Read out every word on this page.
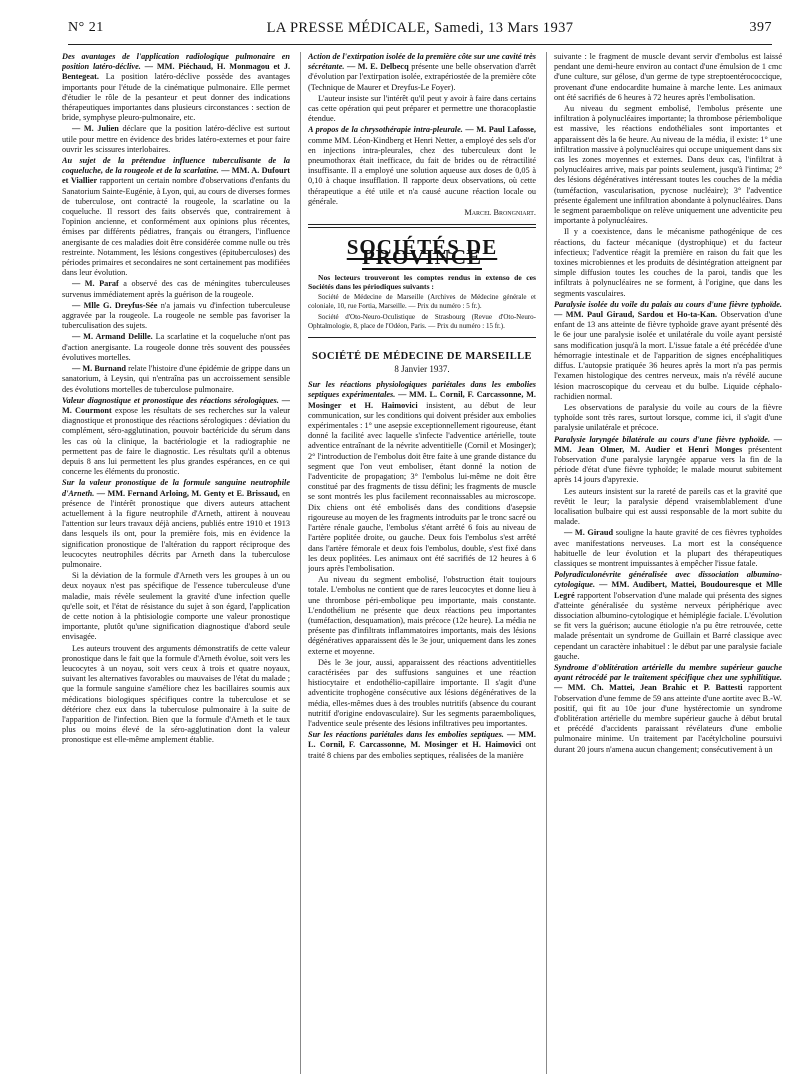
N° 21	LA PRESSE MÉDICALE, Samedi, 13 Mars 1937	397

Des avantages de l'application radiologique pulmonaire en position latéro-déclive. — MM. Piéchaud, H. Monmagou et J. Bentegeat. La position latéro-déclive possède des avantages importants pour l'étude de la cinématique pulmonaire. Elle permet d'étudier le rôle de la pesanteur et peut donner des indications thérapeutiques importantes dans plusieurs circonstances : section de bride, symphyse pleuro-pulmonaire, etc.

— M. Julien déclare que la position latéro-déclive est surtout utile pour mettre en évidence des brides latéro-externes et pour faire ouvrir les scissures interlobaires.

Au sujet de la prétendue influence tuberculisante de la coqueluche, de la rougeole et de la scarlatine. — MM. A. Dufourt et Viallier rapportent un certain nombre d'observations d'enfants du Sanatorium Sainte-Eugénie, à Lyon, qui, au cours de diverses formes de tuberculose, ont contracté la rougeole, la scarlatine ou la coqueluche. Il ressort des faits observés que, contrairement à l'opinion ancienne, et conformément aux opinions plus récentes, émises par différents pédiatres, français ou étrangers, l'influence anergisante de ces maladies doit être considérée comme nulle ou très restreinte. Notamment, les lésions congestives (épituberculoses) des périodes primaires et secondaires ne sont certainement pas modifiées dans leur évolution.

— M. Paraf a observé des cas de méningites tuberculeuses survenus immédiatement après la guérison de la rougeole.

— Mlle G. Dreyfus-Sée n'a jamais vu d'infection tuberculeuse aggravée par la rougeole. La rougeole ne semble pas favoriser la tuberculisation des sujets.

— M. Armand Delille. La scarlatine et la coqueluche n'ont pas d'action anergisante. La rougeole donne très souvent des poussées évolutives mortelles.

— M. Burnand relate l'histoire d'une épidémie de grippe dans un sanatorium, à Leysin, qui n'entraîna pas un accroissement sensible des évolutions mortelles de tuberculose pulmonaire.

Valeur diagnostique et pronostique des réactions sérologiques. — M. Courmont expose les résultats de ses recherches sur la valeur diagnostique et pronostique des réactions sérologiques : déviation du complément, séro-agglutination, pouvoir bactéricide du sérum dans les cas où la clinique, la bactériologie et la radiographie ne permettent pas de faire le diagnostic. Les résultats qu'il a obtenus depuis 8 ans lui permettent les plus grandes espérances, en ce qui concerne les éléments du pronostic.

Sur la valeur pronostique de la formule sanguine neutrophile d'Arneth. — MM. Fernand Arloing, M. Genty et E. Brissaud, en présence de l'intérêt pronostique que divers auteurs attachent actuellement à la figure neutrophile d'Arneth, attirent à nouveau l'attention sur leurs travaux déjà anciens, publiés entre 1910 et 1913 dans lesquels ils ont, pour la première fois, mis en évidence la signification pronostique de l'altération du rapport réciproque des leucocytes neutrophiles décrits par Arneth dans la tuberculose pulmonaire.

Si la déviation de la formule d'Arneth vers les groupes à un ou deux noyaux n'est pas spécifique de l'essence tuberculeuse d'une maladie, mais révèle seulement la gravité d'une infection quelle qu'elle soit, et l'état de résistance du sujet à son égard, l'application de cette notion à la phtisiologie comporte une valeur pronostique importante, plutôt qu'une signification diagnostique d'abord seule envisagée.

Les auteurs trouvent des arguments démonstratifs de cette valeur pronostique dans le fait que la formule d'Arneth évolue, soit vers les leucocytes à un noyau, soit vers ceux à trois et quatre noyaux, suivant les alternatives favorables ou mauvaises de l'état du malade ; que la formule sanguine s'améliore chez les bacillaires soumis aux médications biologiques spécifiques contre la tuberculose et se détériore chez eux dans la tuberculose pulmonaire à la suite de l'apparition de l'infection. Bien que la formule d'Arneth et le taux plus ou moins élevé de la séro-agglutination dont la valeur pronostique est elle-même amplement établie.

Action de l'extirpation isolée de la première côte sur une cavité très sécrétante. — M. E. Delbecq présente une belle observation d'arrêt d'évolution par l'extirpation isolée, extrapériostée de la première côte (Technique de Maurer et Dreyfus-Le Foyer).

L'auteur insiste sur l'intérêt qu'il peut y avoir à faire dans certains cas cette opération qui peut préparer et permettre une thoracoplastie étendue.

A propos de la chrysothérapie intra-pleurale. — M. Paul Lafosse, comme MM. Léon-Kindberg et Henri Netter, a employé des sels d'or en injections intra-pleurales, chez des tuberculeux dont le pneumothorax était inefficace, du fait de brides ou de rétractilité insuffisante. Il a employé une solution aqueuse aux doses de 0,05 à 0,10 à chaque insufflation. Il rapporte deux observations, où cette thérapeutique a été utile et n'a causé aucune réaction locale ou générale.

Marcel Brongniart.

SOCIÉTÉS DE PROVINCE

Nos lecteurs trouveront les comptes rendus in extenso de ces Sociétés dans les périodiques suivants :

Société de Médecine de Marseille (Archives de Médecine générale et coloniale, 10, rue Fortia, Marseille. — Prix du numéro : 5 fr.).

Société d'Oto-Neuro-Oculistique de Strasbourg (Revue d'Oto-Neuro-Ophtalmologie, 8, place de l'Odéon, Paris. — Prix du numéro : 15 fr.).

SOCIÉTÉ DE MÉDECINE DE MARSEILLE

8 Janvier 1937.

Sur les réactions physiologiques pariétales dans les embolies septiques expérimentales. — MM. L. Cornil, F. Carcassonne, M. Mosinger et H. Haimovici insistent, au début de leur communication, sur les conditions qui doivent présider aux embolies expérimentales : 1° une asepsie exceptionnellement rigoureuse, étant donné la facilité avec laquelle s'infecte l'adventice artérielle, toute adventice entraînant de la névrite adventitielle (Cornil et Mosinger); 2° l'introduction de l'embolus doit être faite à une grande distance du segment que l'on veut emboliser, étant donné la notion de l'adventicite de propagation; 3° l'embolus lui-même ne doit être constitué par des fragments de tissu défini; les fragments de muscle se sont montrés les plus facilement reconnaissables au microscope. Dix chiens ont été embolisés dans des conditions d'asepsie rigoureuse au moyen de les fragments introduits par le tronc sacré ou l'artère rénale gauche, l'embolus s'étant arrêté 6 fois au niveau de l'artère poplitée droite, ou gauche. Deux fois l'embolus s'est arrêté dans l'artère fémorale et deux fois l'embolus, double, s'est fixé dans les deux poplitées. Les animaux ont été sacrifiés de 12 heures à 6 jours après l'embolisation.

Au niveau du segment embolisé, l'obstruction était toujours totale. L'embolus ne contient que de rares leucocytes et donne lieu à une thrombose péri-embolique peu importante, mais constante. L'endothélium ne présente que deux réactions peu importantes (tuméfaction, desquamation), mais précoce (12e heure). La média ne présente pas d'infiltrats inflammatoires importants, mais des lésions dégénératives apparaissent dès le 3e jour, uniquement dans les zones externe et moyenne.

Dès le 3e jour, aussi, apparaissent des réactions adventitielles caractérisées par des suffusions sanguines et une réaction histiocytaire et endothélio-capillaire importante. Il s'agit d'une adventicite trophogène consécutive aux lésions dégénératives de la média, elles-mêmes dues à des troubles nutritifs (absence du courant nutritif d'origine endovasculaire). Sur les segments paraemboliques, l'adventice seule présente des lésions infiltratives peu importantes.

Sur les réactions pariétales dans les embolies septiques. — MM. L. Cornil, F. Carcassonne, M. Mosinger et H. Haimovici ont traité 8 chiens par des embolies septiques, réalisées de la manière

suivante : le fragment de muscle devant servir d'embolus est laissé pendant une demi-heure environ au contact d'une émulsion de 1 cmc d'une culture, sur gélose, d'un germe de type streptoentérococcique, provenant d'une endocardite humaine à marche lente. Les animaux ont été sacrifiés de 6 heures à 72 heures après l'embolisation.

Au niveau du segment embolisé, l'embolus présente une infiltration à polynucléaires importante; la thrombose périembolique est massive, les réactions endothéliales sont importantes et apparaissent dès la 6e heure. Au niveau de la média, il existe: 1° une infiltration massive à polynucléaires qui occupe uniquement dans six cas les zones moyennes et externes. Dans deux cas, l'infiltrat à polynucléaires arrive, mais par points seulement, jusqu'à l'intima; 2° des lésions dégénératives intéressant toutes les couches de la média (tuméfaction, vascularisation, pycnose nucléaire); 3° l'adventice présente également une infiltration abondante à polynucléaires. Dans le segment paraembolique on relève uniquement une adventicite peu importante à polynucléaires.

Il y a coexistence, dans le mécanisme pathogénique de ces réactions, du facteur mécanique (dystrophique) et du facteur infectieux; l'adventice réagit la première en raison du fait que les toxines microbiennes et les produits de désintégration atteignent par simple diffusion toutes les couches de la paroi, tandis que les infiltrats à polynucléaires ne se forment, à l'origine, que dans les segments vasculaires.

Paralysie isolée du voile du palais au cours d'une fièvre typhoïde. — MM. Paul Giraud, Sardou et Ho-ta-Kan. Observation d'une enfant de 13 ans atteinte de fièvre typhoïde grave ayant présenté dès le 6e jour une paralysie isolée et unilatérale du voile ayant persisté sans modification jusqu'à la mort. L'issue fatale a été précédée d'une hémorragie intestinale et de l'apparition de signes encéphalitiques diffus. L'autopsie pratiquée 36 heures après la mort n'a pas permis l'examen histologique des centres nerveux, mais n'a révélé aucune lésion macroscopique du cerveau et du bulbe. Liquide céphalo-rachidien normal.

Les observations de paralysie du voile au cours de la fièvre typhoïde sont très rares, surtout lorsque, comme ici, il s'agit d'une paralysie unilatérale et précoce.

Paralysie laryngée bilatérale au cours d'une fièvre typhoïde. — MM. Jean Olmer, M. Audier et Henri Monges présentent l'observation d'une paralysie laryngée apparue vers la fin de la période d'état d'une fièvre typhoïde; le malade mourut subitement après 14 jours d'apyrexie.

Les auteurs insistent sur la rareté de pareils cas et la gravité que revêtit le leur; la paralysie dépend vraisemblablement d'une localisation bulbaire qui est aussi responsable de la mort subite du malade.

— M. Giraud souligne la haute gravité de ces fièvres typhoïdes avec manifestations nerveuses. La mort est la conséquence habituelle de leur évolution et la plupart des thérapeutiques classiques se montrent impuissantes à empêcher l'issue fatale.

Polyradiculonévrite généralisée avec dissociation albumino-cytologique. — MM. Audibert, Mattei, Boudouresque et Mlle Legré rapportent l'observation d'une malade qui présenta des signes d'atteinte généralisée du système nerveux périphérique avec dissociation albumino-cytologique et hémiplégie faciale. L'évolution se fit vers la guérison; aucune étiologie n'a pu être retrouvée, cette malade présentait un syndrome de Guillain et Barré classique avec cependant un caractère inhabituel : le début par une paralysie faciale gauche.

Syndrome d'oblitération artérielle du membre supérieur gauche ayant rétrocédé par le traitement spécifique chez une syphilitique. — MM. Ch. Mattei, Jean Brahic et P. Battesti rapportent l'observation d'une femme de 59 ans atteinte d'une aortite avec B.-W. positif, qui fit au 10e jour d'une hystérectomie un syndrome d'oblitération artérielle du membre supérieur gauche à début brutal et précédé d'accidents paraissant révélateurs d'une embolie pulmonaire minime. Un traitement par l'acétylcholine poursuivi durant 20 jours n'amena aucun changement; consécutivement à un
